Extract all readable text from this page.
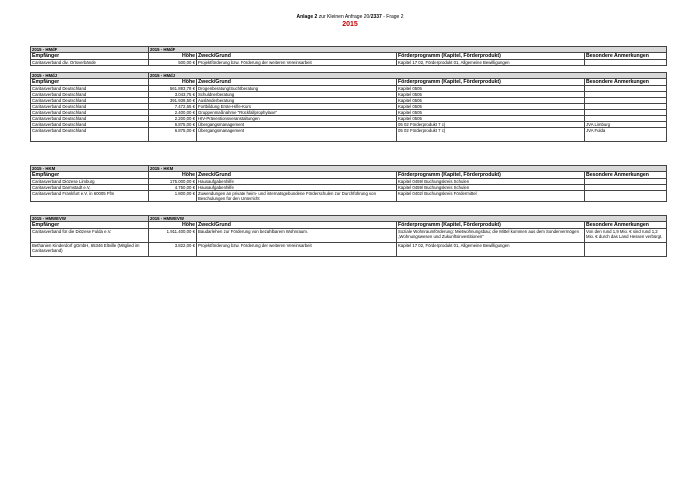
Anlage 2 zur Kleinen Anfrage 20/2337 - Frage 2
2015
2015 - HMdF	2015 - HMdF			
Empfänger	Höhe	Zweck/Grund	Förderprogramm (Kapitel, Förderprodukt)	Besondere Anmerkungen
Caritasverband div. Ortsverbände	500,00 €	Projektförderung bzw. Förderung der weiteren Vereinsarbeit	Kapitel 17 02, Förderprodukt 01, Allgemeine Bewilligungen	
2015 - HMdJ	2015 - HMdJ			
Empfänger	Höhe	Zweck/Grund	Förderprogramm (Kapitel, Förderprodukt)	Besondere Anmerkungen
Caritasverband Deutschland	561.883,78 €	Drogenberatung/Suchtberatung	Kapitel 0505	
Caritasverband Deutschland	3.043,75 €	Schuldnerberatung	Kapitel 0505	
Caritasverband Deutschland	391.939,50 €	Ausländerberatung	Kapitel 0505	
Caritasverband Deutschland	7.472,65 €	Fortbildung Erste-Hilfe-Kurs	Kapitel 0505	
Caritasverband Deutschland	2.400,00 €	Gruppenmaßnahme "Rückfallprophylaxe"	Kapitel 0505	
Caritasverband Deutschland	2.200,00 €	HIV-Präventionsveranstaltungen	Kapitel 0505	
Caritasverband Deutschland	6.875,00 €	Übergangsmanagement	05 02 Förderprodukt 7 c)	JVA Limburg
Caritasverband Deutschland	6.875,00 €	Übergangsmanagement	05 02 Förderprodukt 7 c)	JVA Fulda
2015 - HKM	2015 - HKM			
Empfänger	Höhe	Zweck/Grund	Förderprogramm (Kapitel, Förderprodukt)	Besondere Anmerkungen
Caritasverband Diözese Limburg	175.000,00 €	Hausaufgabenhilfe	Kapitel 0459/ Buchungskreis Schulen	
Caritasverband Darmstadt e.V.	4.750,00 €	Hausaufgabenhilfe	Kapitel 0459/ Buchungskreis Schulen	
Caritasverband Frankfurt e.V. in 60005 Ffm	1.800,00 €	Zuwendungen an private heim- und internatsgebundene Förderschulen zur Durchführung von Beschulungen für den Unterricht	Kapitel 0402/ Buchungskreis Fördermittel	
2015 - HMWEVW	2015 - HMWEVW			
Empfänger	Höhe	Zweck/Grund	Förderprogramm (Kapitel, Förderprodukt)	Besondere Anmerkungen
Caritasverband für die Diözese Fulda e.V.	1.911.400,00 €	Baudarlehen zur Förderung von bezahlbarem Wohnraum.	Soziale Wohnraumförderung: Mietwohnungsbau; die Mittel kommen aus dem Sondervermögen „Wohnungswesen und Zukunftsinvestitionen“	Von den rund 1,9 Mio. € sind rund 1,2 Mio. € durch das Land Hessen verbürgt.
Bethanien Kinderdorf gGmbH, 65346 Eltville (Mitglied im Caritasverband)	3.822,00 €	Projektförderung bzw. Förderung der weiteren Vereinsarbeit	Kapitel 17 02, Förderprodukt 01, Allgemeine Bewilligungen	
